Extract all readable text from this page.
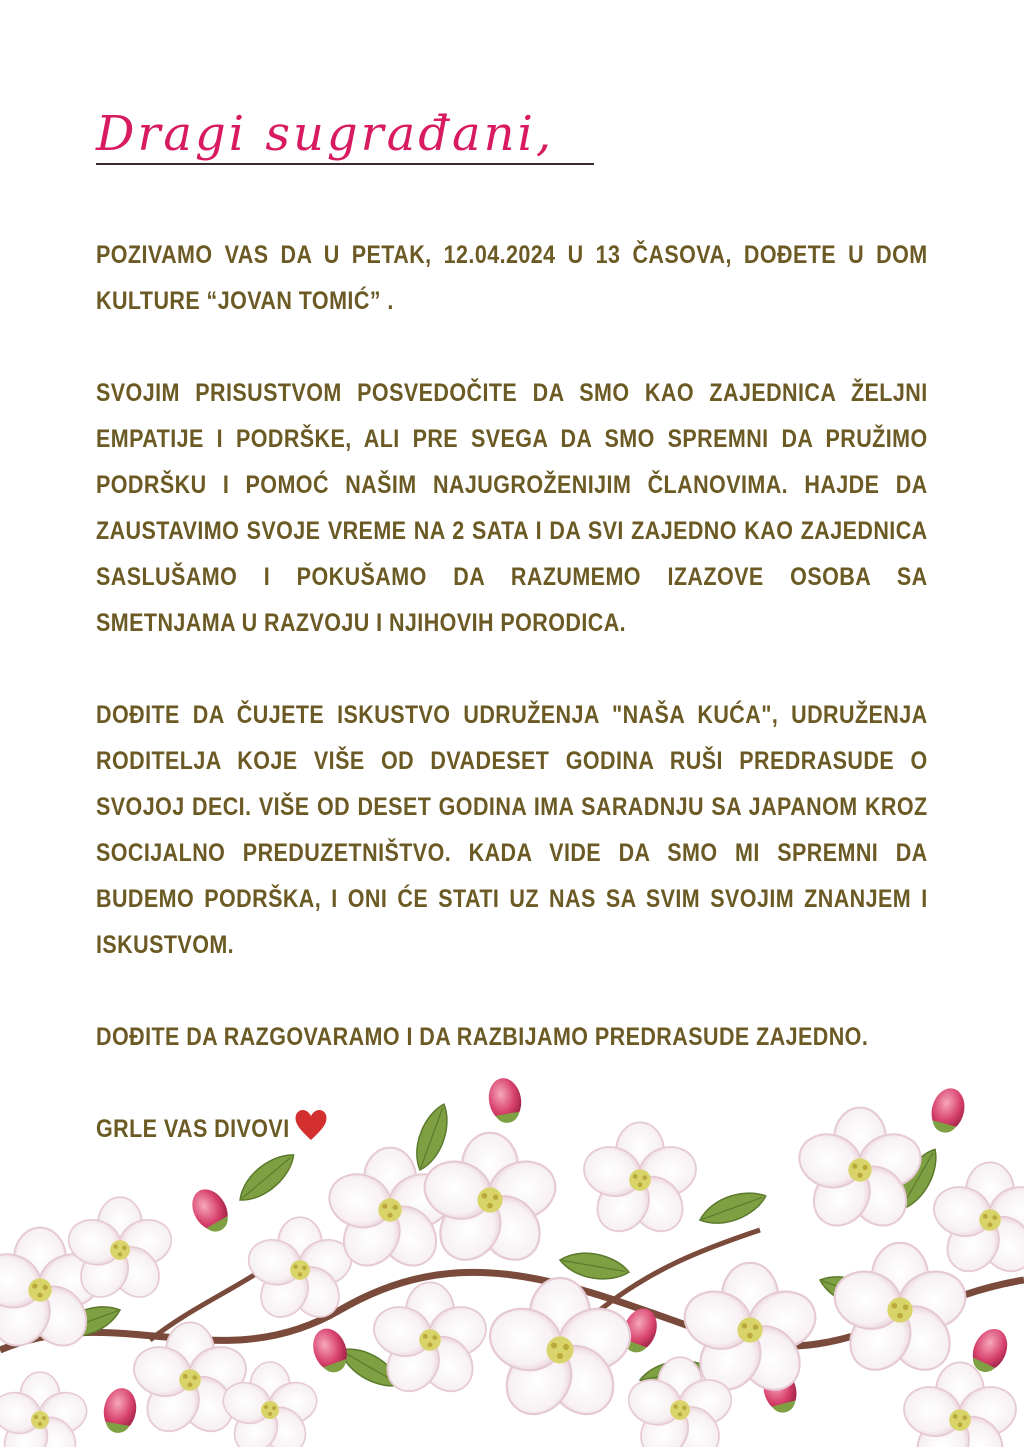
Dragi sugrađani,

POZIVAMO VAS DA U PETAK, 12.04.2024 U 13 ČASOVA, DOĐETE U DOM KULTURE “JOVAN TOMIĆ” .

SVOJIM PRISUSTVOM POSVEDOČITE DA SMO KAO ZAJEDNICA ŽELJNI EMPATIJE I PODRŠKE, ALI PRE SVEGA DA SMO SPREMNI DA PRUŽIMO PODRŠKU I POMOĆ NAŠIM NAJUGROŽENIJIM ČLANOVIMA. HAJDE DA ZAUSTAVIMO SVOJE VREME NA 2 SATA I DA SVI ZAJEDNO KAO ZAJEDNICA SASLUŠAMO I POKUŠAMO DA RAZUMEMO IZAZOVE OSOBA SA SMETNJAMA U RAZVOJU I NJIHOVIH PORODICA.

DOĐITE DA ČUJETE ISKUSTVO UDRUŽENJA "NAŠA KUĆA", UDRUŽENJA RODITELJA KOJE VIŠE OD DVADESET GODINA RUŠI PREDRASUDE O SVOJOJ DECI. VIŠE OD DESET GODINA IMA SARADNJU SA JAPANOM KROZ SOCIJALNO PREDUZETNIŠTVO. KADA VIDE DA SMO MI SPREMNI DA BUDEMO PODRŠKA, I ONI ĆE STATI UZ NAS SA SVIM SVOJIM ZNANJEM I ISKUSTVOM.

DOĐITE DA RAZGOVARAMO I DA RAZBIJAMO PREDRASUDE ZAJEDNO.

GRLE VAS DIVOVI
